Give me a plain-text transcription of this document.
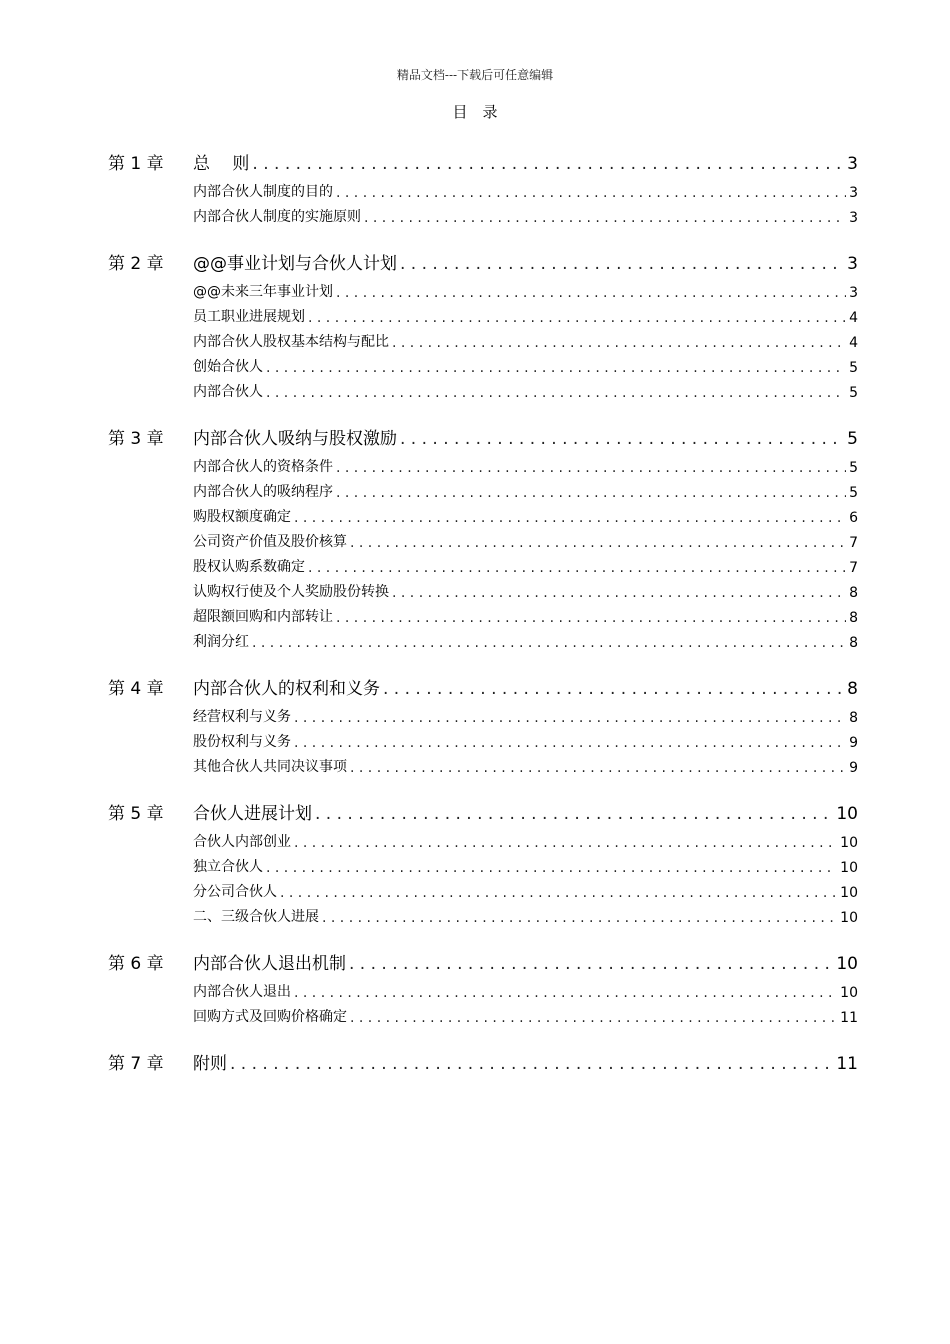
精品文档---下载后可任意编辑
目　录
第 1 章	总　 则 . . .	3
内部合伙人制度的目的 . . .	3
内部合伙人制度的实施原则 . . .	3
第 2 章	@@事业计划与合伙人计划 . . .	3
@@未来三年事业计划 . . .	3
员工职业进展规划 . . .	4
内部合伙人股权基本结构与配比 . . .	4
创始合伙人 . . .	5
内部合伙人 . . .	5
第 3 章	内部合伙人吸纳与股权激励 . . .	5
内部合伙人的资格条件 . . .	5
内部合伙人的吸纳程序 . . .	5
购股权额度确定 . . .	6
公司资产价值及股价核算 . . .	7
股权认购系数确定 . . .	7
认购权行使及个人奖励股份转换 . . .	8
超限额回购和内部转让 . . .	8
利润分红 . . .	8
第 4 章	内部合伙人的权利和义务 . . .	8
经营权利与义务 . . .	8
股份权利与义务 . . .	9
其他合伙人共同决议事项 . . .	9
第 5 章	合伙人进展计划 . . .	10
合伙人内部创业 . . .	10
独立合伙人 . . .	10
分公司合伙人 . . .	10
二、三级合伙人进展 . . .	10
第 6 章	内部合伙人退出机制 . . .	10
内部合伙人退出 . . .	10
回购方式及回购价格确定 . . .	11
第 7 章	附则 . . .	11
